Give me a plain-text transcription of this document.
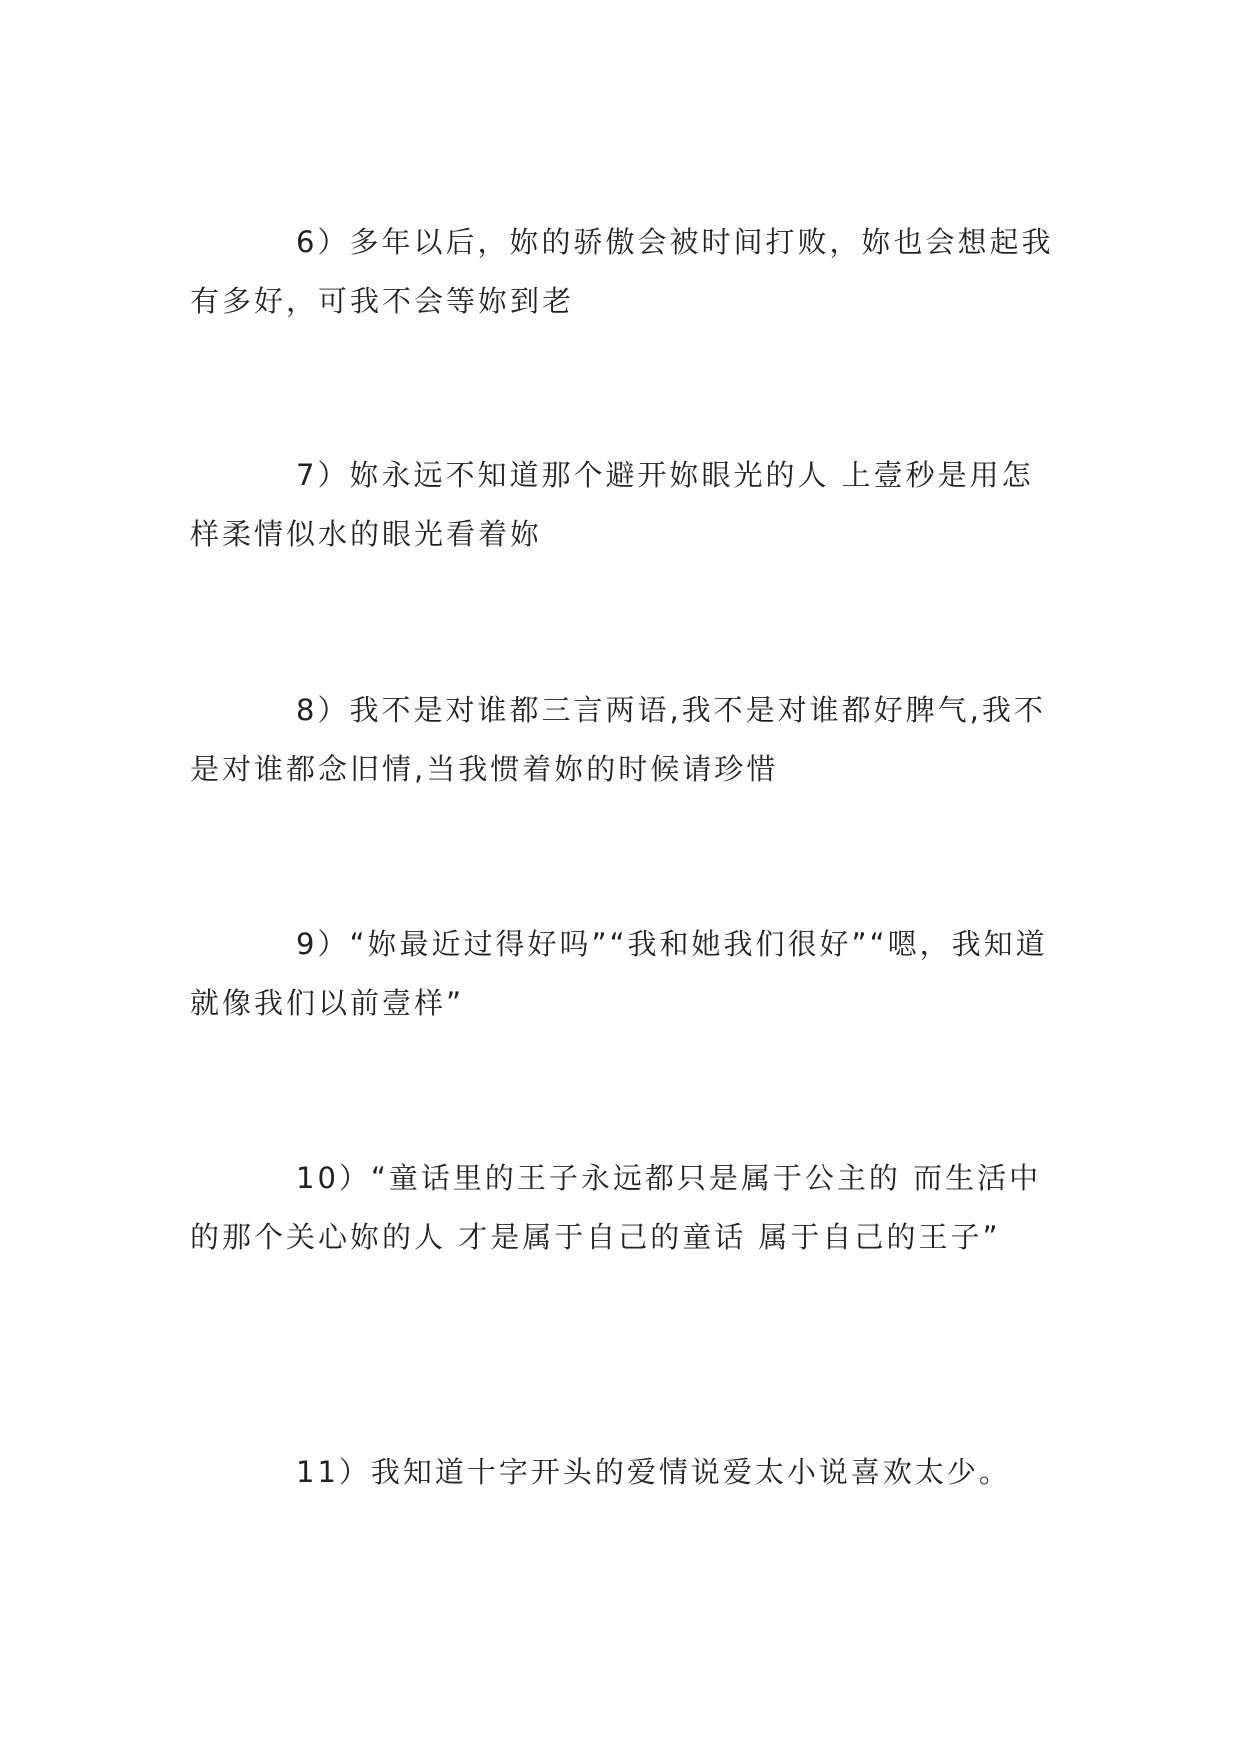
6）多年以后，妳的骄傲会被时间打败，妳也会想起我有多好，可我不会等妳到老

7）妳永远不知道那个避开妳眼光的人 上壹秒是用怎样柔情似水的眼光看着妳

8）我不是对谁都三言两语,我不是对谁都好脾气,我不是对谁都念旧情,当我惯着妳的时候请珍惜

9）“妳最近过得好吗”“我和她我们很好”“嗯，我知道就像我们以前壹样”

10）“童话里的王子永远都只是属于公主的 而生活中的那个关心妳的人 才是属于自己的童话 属于自己的王子”

11）我知道十字开头的爱情说爱太小说喜欢太少。
